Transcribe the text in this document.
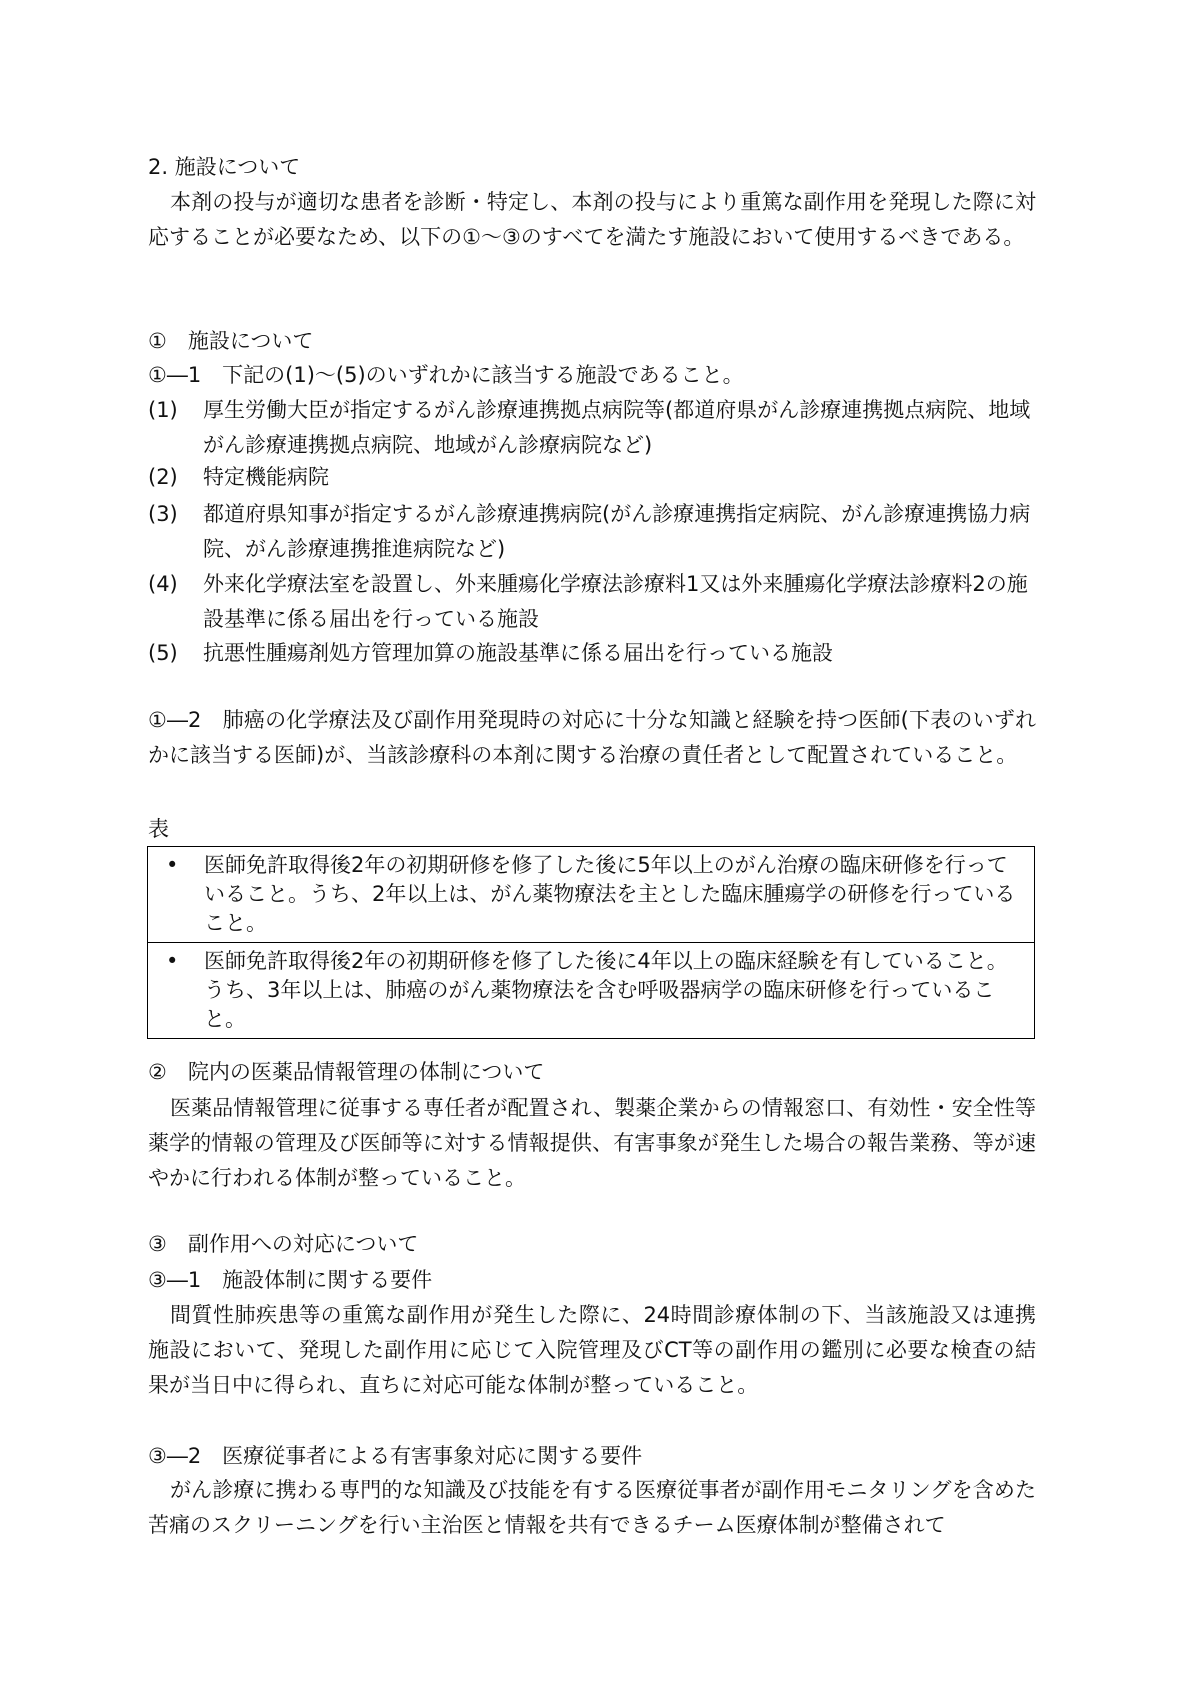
2. 施設について
本剤の投与が適切な患者を診断・特定し、本剤の投与により重篤な副作用を発現した際に対応することが必要なため、以下の①～③のすべてを満たす施設において使用するべきである。
①　施設について
①―1　下記の(1)～(5)のいずれかに該当する施設であること。
(1) 厚生労働大臣が指定するがん診療連携拠点病院等(都道府県がん診療連携拠点病院、地域がん診療連携拠点病院、地域がん診療病院など)
(2) 特定機能病院
(3) 都道府県知事が指定するがん診療連携病院(がん診療連携指定病院、がん診療連携協力病院、がん診療連携推進病院など)
(4) 外来化学療法室を設置し、外来腫瘍化学療法診療料1又は外来腫瘍化学療法診療料2の施設基準に係る届出を行っている施設
(5) 抗悪性腫瘍剤処方管理加算の施設基準に係る届出を行っている施設
①―2　肺癌の化学療法及び副作用発現時の対応に十分な知識と経験を持つ医師(下表のいずれかに該当する医師)が、当該診療科の本剤に関する治療の責任者として配置されていること。
表
• 医師免許取得後2年の初期研修を修了した後に5年以上のがん治療の臨床研修を行っていること。うち、2年以上は、がん薬物療法を主とした臨床腫瘍学の研修を行っていること。
• 医師免許取得後2年の初期研修を修了した後に4年以上の臨床経験を有していること。うち、3年以上は、肺癌のがん薬物療法を含む呼吸器病学の臨床研修を行っていること。
②　院内の医薬品情報管理の体制について
医薬品情報管理に従事する専任者が配置され、製薬企業からの情報窓口、有効性・安全性等薬学的情報の管理及び医師等に対する情報提供、有害事象が発生した場合の報告業務、等が速やかに行われる体制が整っていること。
③　副作用への対応について
③―1　施設体制に関する要件
間質性肺疾患等の重篤な副作用が発生した際に、24時間診療体制の下、当該施設又は連携施設において、発現した副作用に応じて入院管理及びCT等の副作用の鑑別に必要な検査の結果が当日中に得られ、直ちに対応可能な体制が整っていること。
③―2　医療従事者による有害事象対応に関する要件
がん診療に携わる専門的な知識及び技能を有する医療従事者が副作用モニタリングを含めた苦痛のスクリーニングを行い主治医と情報を共有できるチーム医療体制が整備されて
